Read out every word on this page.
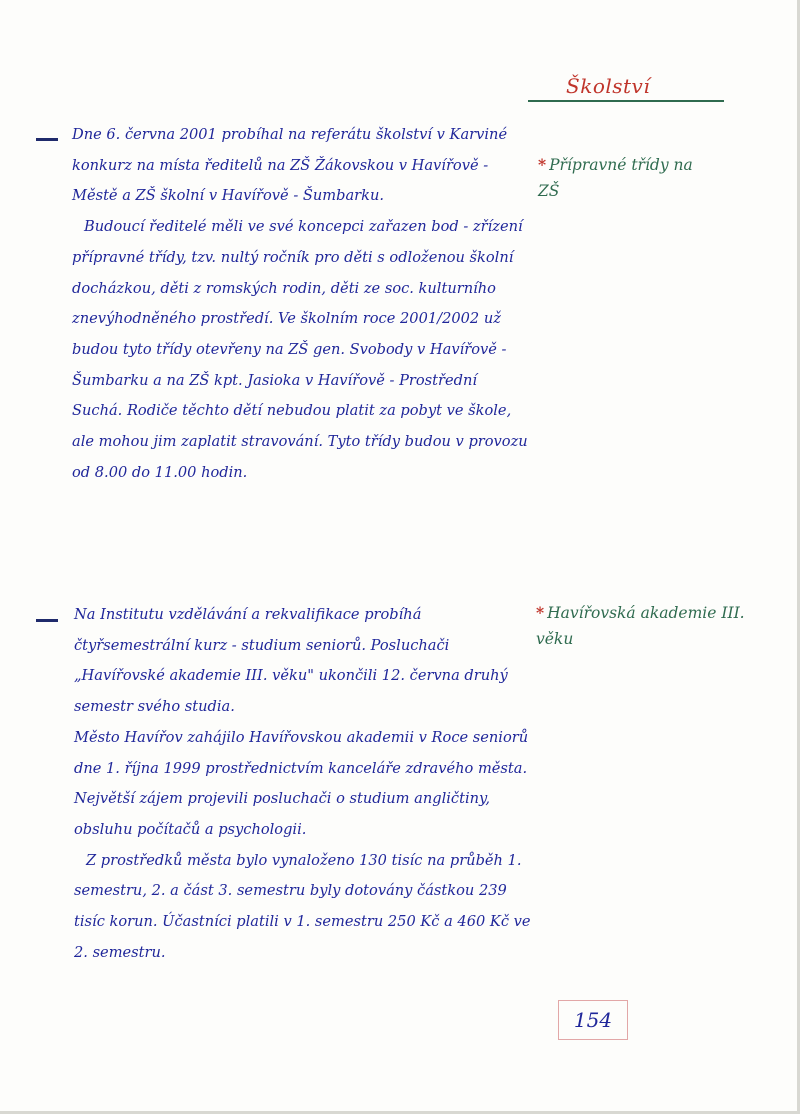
Školství

Dne 6. června 2001 probíhal na referátu školství v Karviné konkurz na místa ředitelů na ZŠ Žákovskou v Havířově - Městě a ZŠ školní v Havířově - Šumbarku.

Budoucí ředitelé měli ve své koncepci zařazen bod - zřízení přípravné třídy, tzv. nultý ročník pro děti s odloženou školní docházkou, děti z romských rodin, děti ze soc. kulturního znevýhodněného prostředí. Ve školním roce 2001/2002 už budou tyto třídy otevřeny na ZŠ gen. Svobody v Havířově - Šumbarku a na ZŠ kpt. Jasioka v Havířově - Prostřední Suchá. Rodiče těchto dětí nebudou platit za pobyt ve škole, ale mohou jim zaplatit stravování. Tyto třídy budou v provozu od 8.00 do 11.00 hodin.

* Přípravné třídy na ZŠ

Na Institutu vzdělávání a rekvalifikace probíhá čtyřsemestrální kurz - studium seniorů. Posluchači „Havířovské akademie III. věku" ukončili 12. června druhý semestr svého studia.

Město Havířov zahájilo Havířovskou akademii v Roce seniorů dne 1. října 1999 prostřednictvím kanceláře zdravého města. Největší zájem projevili posluchači o studium angličtiny, obsluhu počítačů a psychologii.

Z prostředků města bylo vynaloženo 130 tisíc na průběh 1. semestru, 2. a část 3. semestru byly dotovány částkou 239 tisíc korun. Účastníci platili v 1. semestru 250 Kč a 460 Kč ve 2. semestru.

* Havířovská akademie III. věku
154
